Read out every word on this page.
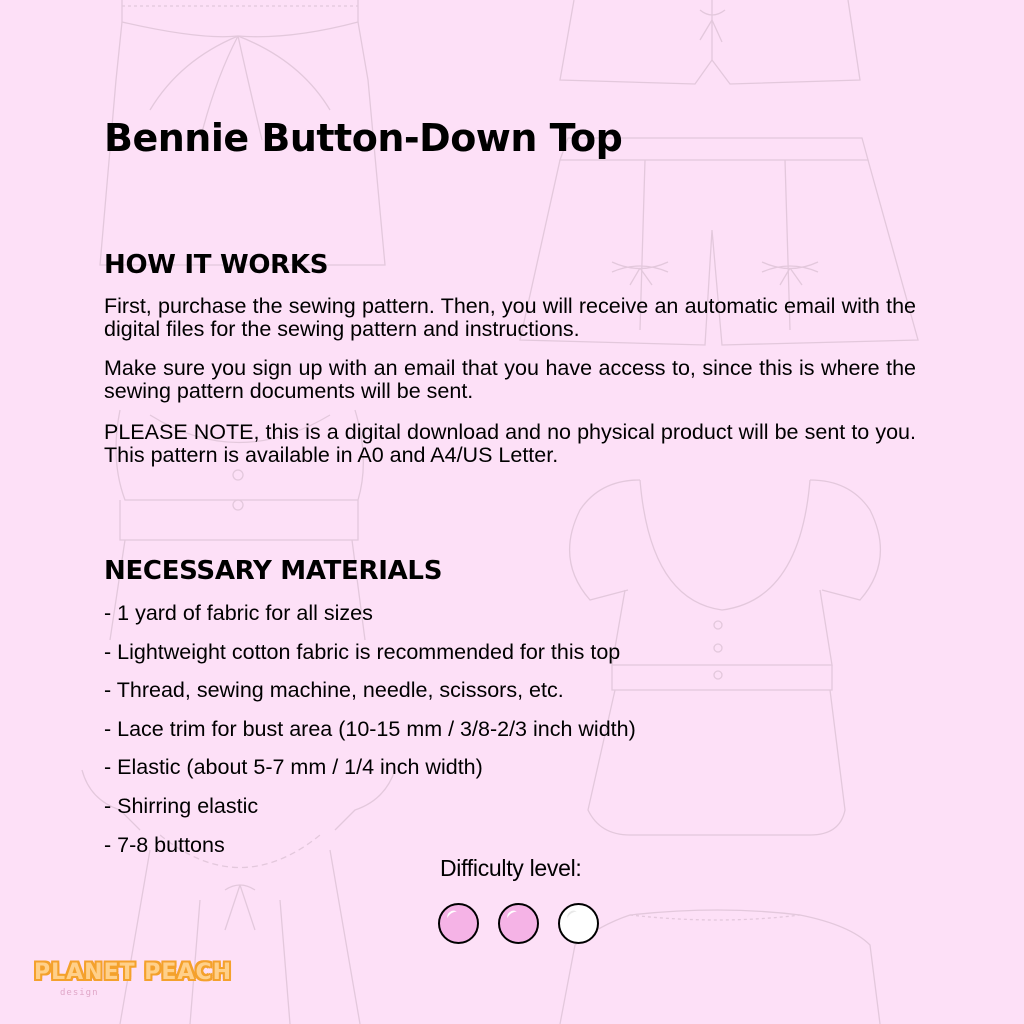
Bennie Button-Down Top
HOW IT WORKS

First, purchase the sewing pattern. Then, you will receive an automatic email with the digital files for the sewing pattern and instructions.

Make sure you sign up with an email that you have access to, since this is where the sewing pattern documents will be sent.

PLEASE NOTE, this is a digital download and no physical product will be sent to you. This pattern is available in A0 and A4/US Letter.

NECESSARY MATERIALS
- 1 yard of fabric for all sizes
- Lightweight cotton fabric is recommended for this top
- Thread, sewing machine, needle, scissors, etc.
- Lace trim for bust area (10-15 mm / 3/8-2/3 inch width)
- Elastic (about 5-7 mm / 1/4 inch width)
- Shirring elastic
- 7-8 buttons
Difficulty level:
PLANET PEACH
design
